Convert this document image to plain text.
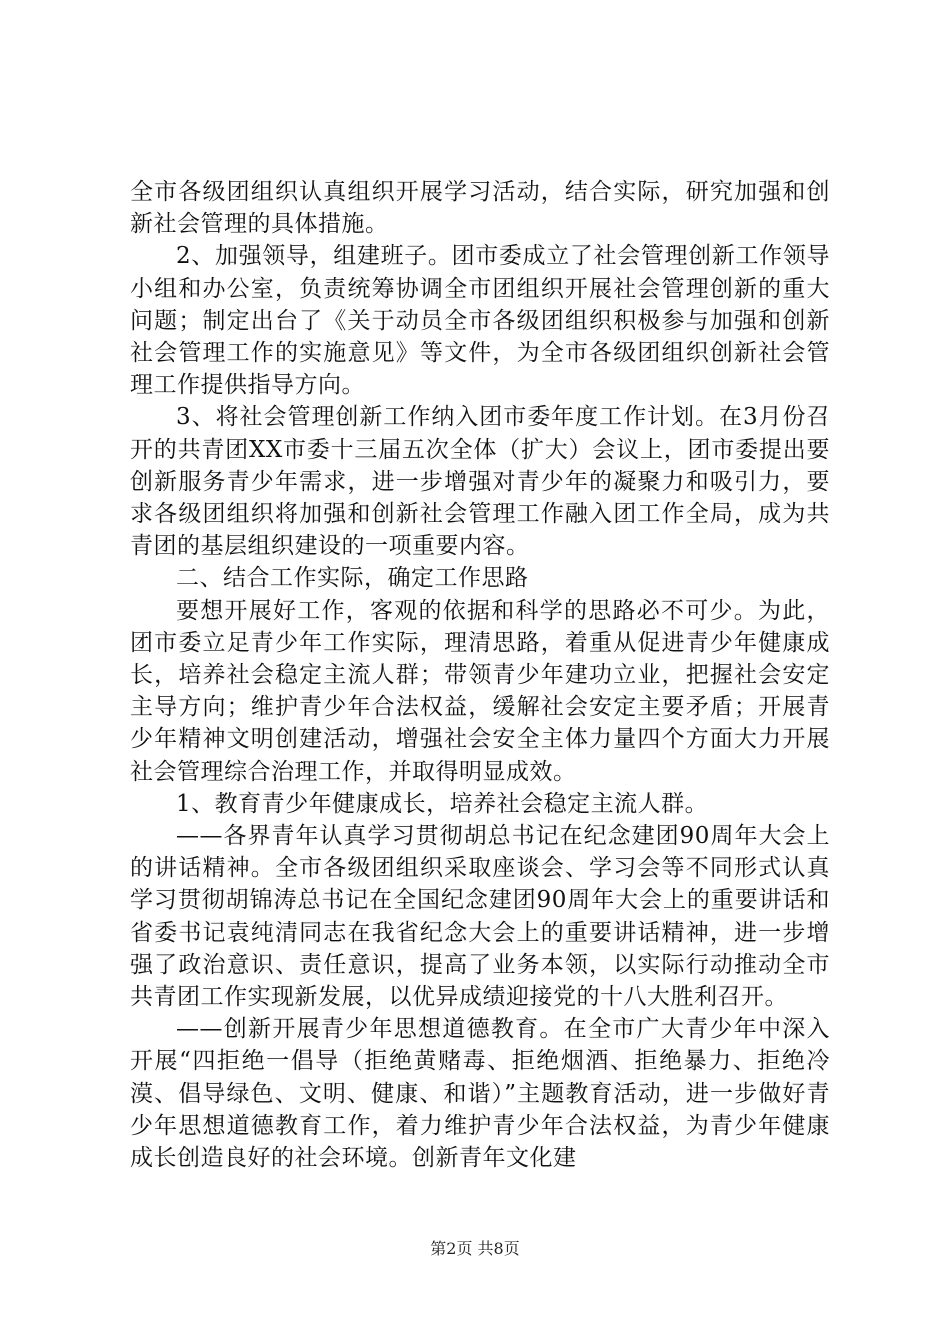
全市各级团组织认真组织开展学习活动，结合实际，研究加强和创新社会管理的具体措施。

2、加强领导，组建班子。团市委成立了社会管理创新工作领导小组和办公室，负责统筹协调全市团组织开展社会管理创新的重大问题；制定出台了《关于动员全市各级团组织积极参与加强和创新社会管理工作的实施意见》等文件，为全市各级团组织创新社会管理工作提供指导方向。

3、将社会管理创新工作纳入团市委年度工作计划。在3月份召开的共青团XX市委十三届五次全体（扩大）会议上，团市委提出要创新服务青少年需求，进一步增强对青少年的凝聚力和吸引力，要求各级团组织将加强和创新社会管理工作融入团工作全局，成为共青团的基层组织建设的一项重要内容。

二、结合工作实际，确定工作思路

要想开展好工作，客观的依据和科学的思路必不可少。为此，团市委立足青少年工作实际，理清思路，着重从促进青少年健康成长，培养社会稳定主流人群；带领青少年建功立业，把握社会安定主导方向；维护青少年合法权益，缓解社会安定主要矛盾；开展青少年精神文明创建活动，增强社会安全主体力量四个方面大力开展社会管理综合治理工作，并取得明显成效。

1、教育青少年健康成长，培养社会稳定主流人群。

——各界青年认真学习贯彻胡总书记在纪念建团90周年大会上的讲话精神。全市各级团组织采取座谈会、学习会等不同形式认真学习贯彻胡锦涛总书记在全国纪念建团90周年大会上的重要讲话和省委书记袁纯清同志在我省纪念大会上的重要讲话精神，进一步增强了政治意识、责任意识，提高了业务本领，以实际行动推动全市共青团工作实现新发展，以优异成绩迎接党的十八大胜利召开。

——创新开展青少年思想道德教育。在全市广大青少年中深入开展“四拒绝一倡导（拒绝黄赌毒、拒绝烟酒、拒绝暴力、拒绝冷漠、倡导绿色、文明、健康、和谐）”主题教育活动，进一步做好青少年思想道德教育工作，着力维护青少年合法权益，为青少年健康成长创造良好的社会环境。创新青年文化建

第2页 共8页
